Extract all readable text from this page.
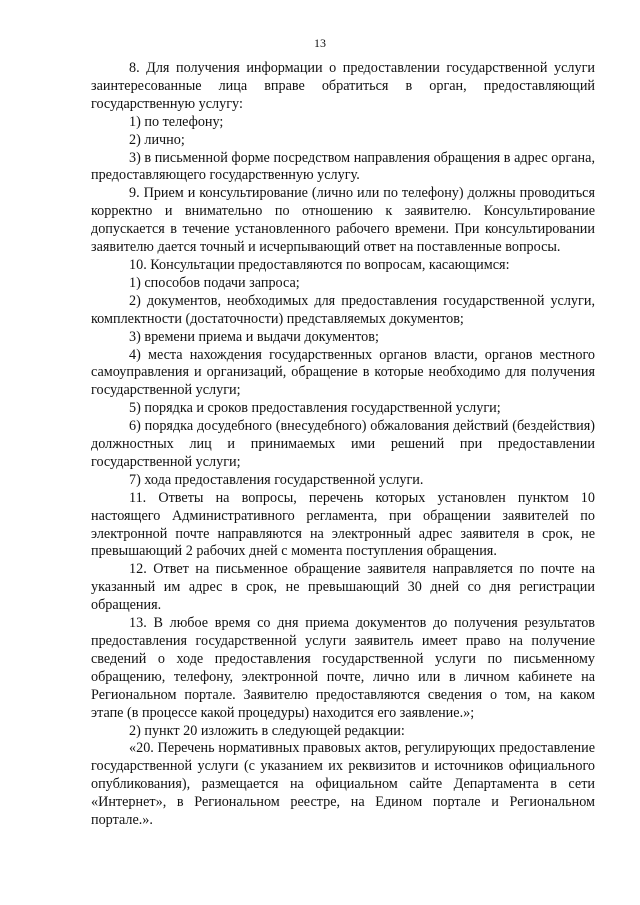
13

8. Для получения информации о предоставлении государственной услуги заинтересованные лица вправе обратиться в орган, предоставляющий государственную услугу:

1) по телефону;

2) лично;

3) в письменной форме посредством направления обращения в адрес органа, предоставляющего государственную услугу.

9. Прием и консультирование (лично или по телефону) должны проводиться корректно и внимательно по отношению к заявителю. Консультирование допускается в течение установленного рабочего времени. При консультировании заявителю дается точный и исчерпывающий ответ на поставленные вопросы.

10. Консультации предоставляются по вопросам, касающимся:

1) способов подачи запроса;

2) документов, необходимых для предоставления государственной услуги, комплектности (достаточности) представляемых документов;

3) времени приема и выдачи документов;

4) места нахождения государственных органов власти, органов местного самоуправления и организаций, обращение в которые необходимо для получения государственной услуги;

5) порядка и сроков предоставления государственной услуги;

6) порядка досудебного (внесудебного) обжалования действий (бездействия) должностных лиц и принимаемых ими решений при предоставлении государственной услуги;

7) хода предоставления государственной услуги.

11. Ответы на вопросы, перечень которых установлен пунктом 10 настоящего Административного регламента, при обращении заявителей по электронной почте направляются на электронный адрес заявителя в срок, не превышающий 2 рабочих дней с момента поступления обращения.

12. Ответ на письменное обращение заявителя направляется по почте на указанный им адрес в срок, не превышающий 30 дней со дня регистрации обращения.

13. В любое время со дня приема документов до получения результатов предоставления государственной услуги заявитель имеет право на получение сведений о ходе предоставления государственной услуги по письменному обращению, телефону, электронной почте, лично или в личном кабинете на Региональном портале. Заявителю предоставляются сведения о том, на каком этапе (в процессе какой процедуры) находится его заявление.»;

2) пункт 20 изложить в следующей редакции:

«20. Перечень нормативных правовых актов, регулирующих предоставление государственной услуги (с указанием их реквизитов и источников официального опубликования), размещается на официальном сайте Департамента в сети «Интернет», в Региональном реестре, на Едином портале и Региональном портале.».
